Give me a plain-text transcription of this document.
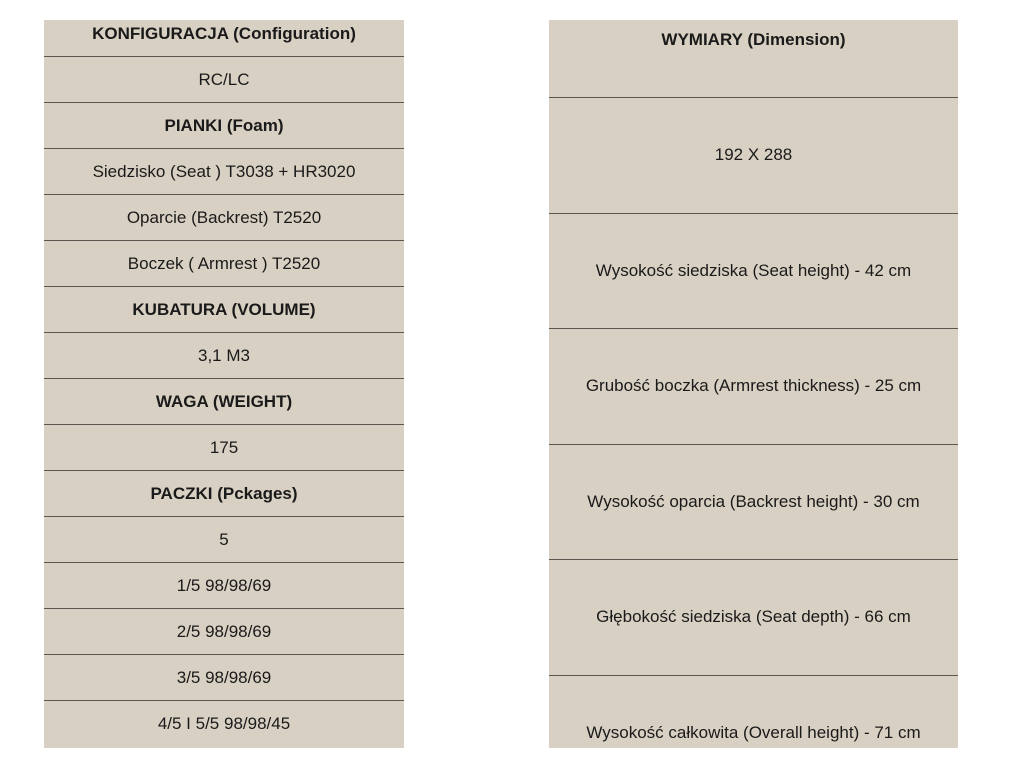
KONFIGURACJA (Configuration)
RC/LC
PIANKI (Foam)
Siedzisko (Seat ) T3038 + HR3020
Oparcie (Backrest) T2520
Boczek ( Armrest ) T2520
KUBATURA (VOLUME)
3,1 M3
WAGA (WEIGHT)
175
PACZKI (Pckages)
5
1/5 98/98/69
2/5 98/98/69
3/5 98/98/69
4/5 I 5/5 98/98/45
WYMIARY (Dimension)
192 X 288
Wysokość siedziska (Seat height) - 42 cm
Grubość boczka (Armrest thickness) - 25 cm
Wysokość oparcia (Backrest height) - 30 cm
Głębokość siedziska (Seat depth) - 66 cm
Wysokość całkowita (Overall height) - 71 cm
